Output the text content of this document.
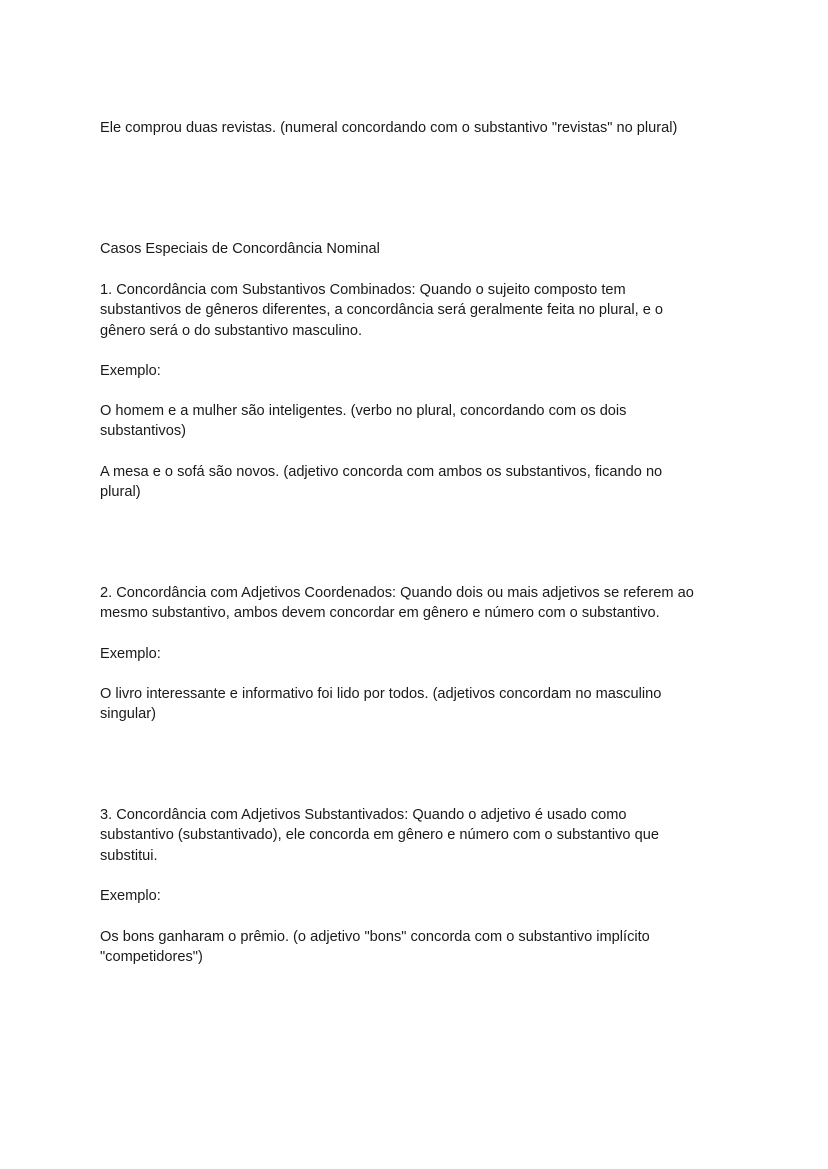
Ele comprou duas revistas. (numeral concordando com o substantivo "revistas" no plural)

Casos Especiais de Concordância Nominal

1. Concordância com Substantivos Combinados: Quando o sujeito composto tem substantivos de gêneros diferentes, a concordância será geralmente feita no plural, e o gênero será o do substantivo masculino.

Exemplo:

O homem e a mulher são inteligentes. (verbo no plural, concordando com os dois substantivos)

A mesa e o sofá são novos. (adjetivo concorda com ambos os substantivos, ficando no plural)

2. Concordância com Adjetivos Coordenados: Quando dois ou mais adjetivos se referem ao mesmo substantivo, ambos devem concordar em gênero e número com o substantivo.

Exemplo:

O livro interessante e informativo foi lido por todos. (adjetivos concordam no masculino singular)

3. Concordância com Adjetivos Substantivados: Quando o adjetivo é usado como substantivo (substantivado), ele concorda em gênero e número com o substantivo que substitui.

Exemplo:

Os bons ganharam o prêmio. (o adjetivo "bons" concorda com o substantivo implícito "competidores")
